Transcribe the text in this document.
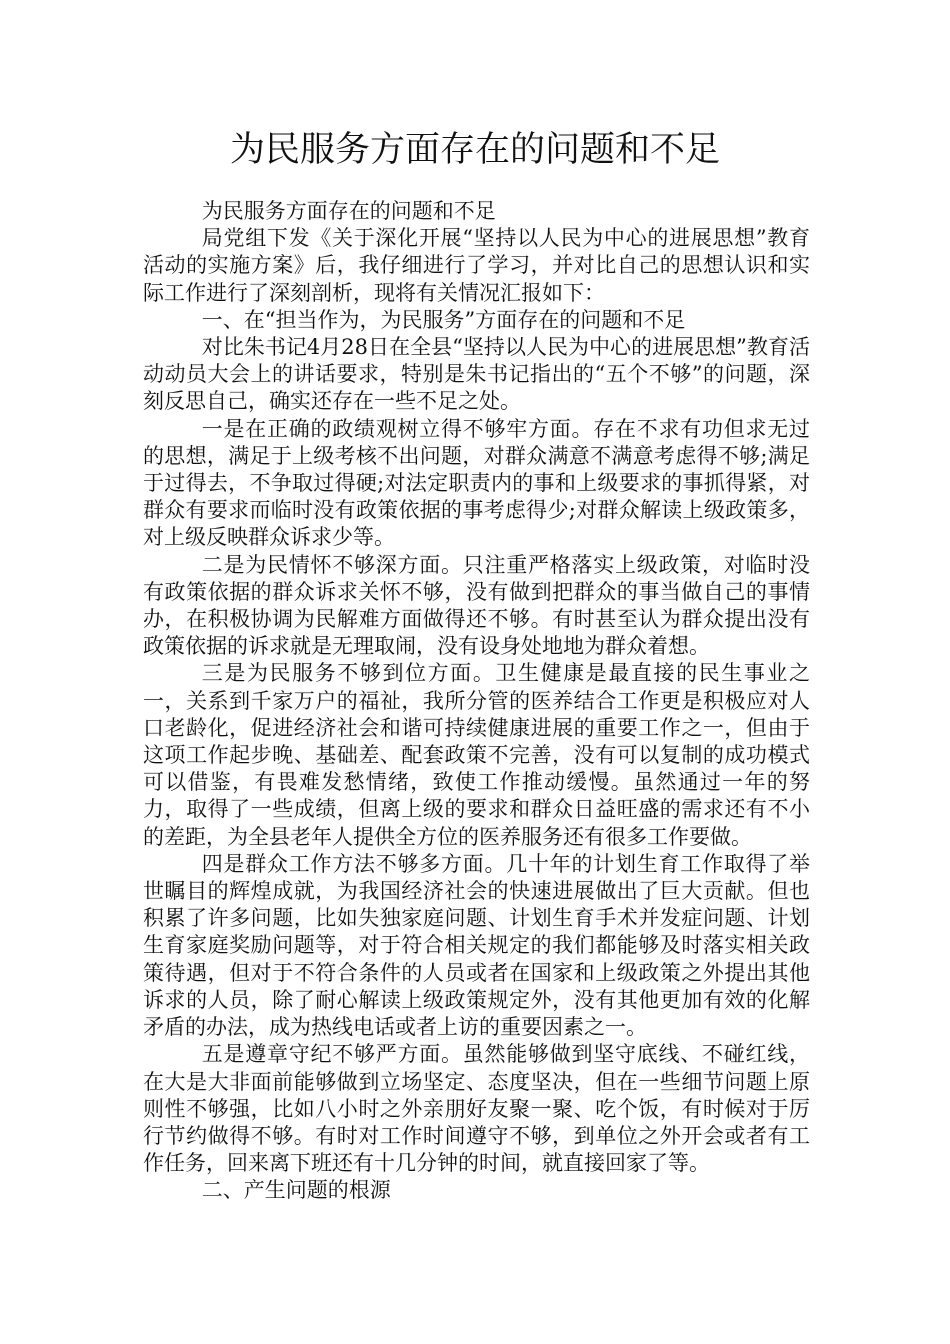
为民服务方面存在的问题和不足

为民服务方面存在的问题和不足

局党组下发《关于深化开展“坚持以人民为中心的进展思想”教育活动的实施方案》后，我仔细进行了学习，并对比自己的思想认识和实际工作进行了深刻剖析，现将有关情况汇报如下：

一、在“担当作为，为民服务”方面存在的问题和不足

对比朱书记4月28日在全县“坚持以人民为中心的进展思想”教育活动动员大会上的讲话要求，特别是朱书记指出的“五个不够”的问题，深刻反思自己，确实还存在一些不足之处。

一是在正确的政绩观树立得不够牢方面。存在不求有功但求无过的思想，满足于上级考核不出问题，对群众满意不满意考虑得不够;满足于过得去，不争取过得硬;对法定职责内的事和上级要求的事抓得紧，对群众有要求而临时没有政策依据的事考虑得少;对群众解读上级政策多，对上级反映群众诉求少等。

二是为民情怀不够深方面。只注重严格落实上级政策，对临时没有政策依据的群众诉求关怀不够，没有做到把群众的事当做自己的事情办，在积极协调为民解难方面做得还不够。有时甚至认为群众提出没有政策依据的诉求就是无理取闹，没有设身处地地为群众着想。

三是为民服务不够到位方面。卫生健康是最直接的民生事业之一，关系到千家万户的福祉，我所分管的医养结合工作更是积极应对人口老龄化，促进经济社会和谐可持续健康进展的重要工作之一，但由于这项工作起步晚、基础差、配套政策不完善，没有可以复制的成功模式可以借鉴，有畏难发愁情绪，致使工作推动缓慢。虽然通过一年的努力，取得了一些成绩，但离上级的要求和群众日益旺盛的需求还有不小的差距，为全县老年人提供全方位的医养服务还有很多工作要做。

四是群众工作方法不够多方面。几十年的计划生育工作取得了举世瞩目的辉煌成就，为我国经济社会的快速进展做出了巨大贡献。但也积累了许多问题，比如失独家庭问题、计划生育手术并发症问题、计划生育家庭奖励问题等，对于符合相关规定的我们都能够及时落实相关政策待遇，但对于不符合条件的人员或者在国家和上级政策之外提出其他诉求的人员，除了耐心解读上级政策规定外，没有其他更加有效的化解矛盾的办法，成为热线电话或者上访的重要因素之一。

五是遵章守纪不够严方面。虽然能够做到坚守底线、不碰红线，在大是大非面前能够做到立场坚定、态度坚决，但在一些细节问题上原则性不够强，比如八小时之外亲朋好友聚一聚、吃个饭，有时候对于厉行节约做得不够。有时对工作时间遵守不够，到单位之外开会或者有工作任务，回来离下班还有十几分钟的时间，就直接回家了等。

二、产生问题的根源
